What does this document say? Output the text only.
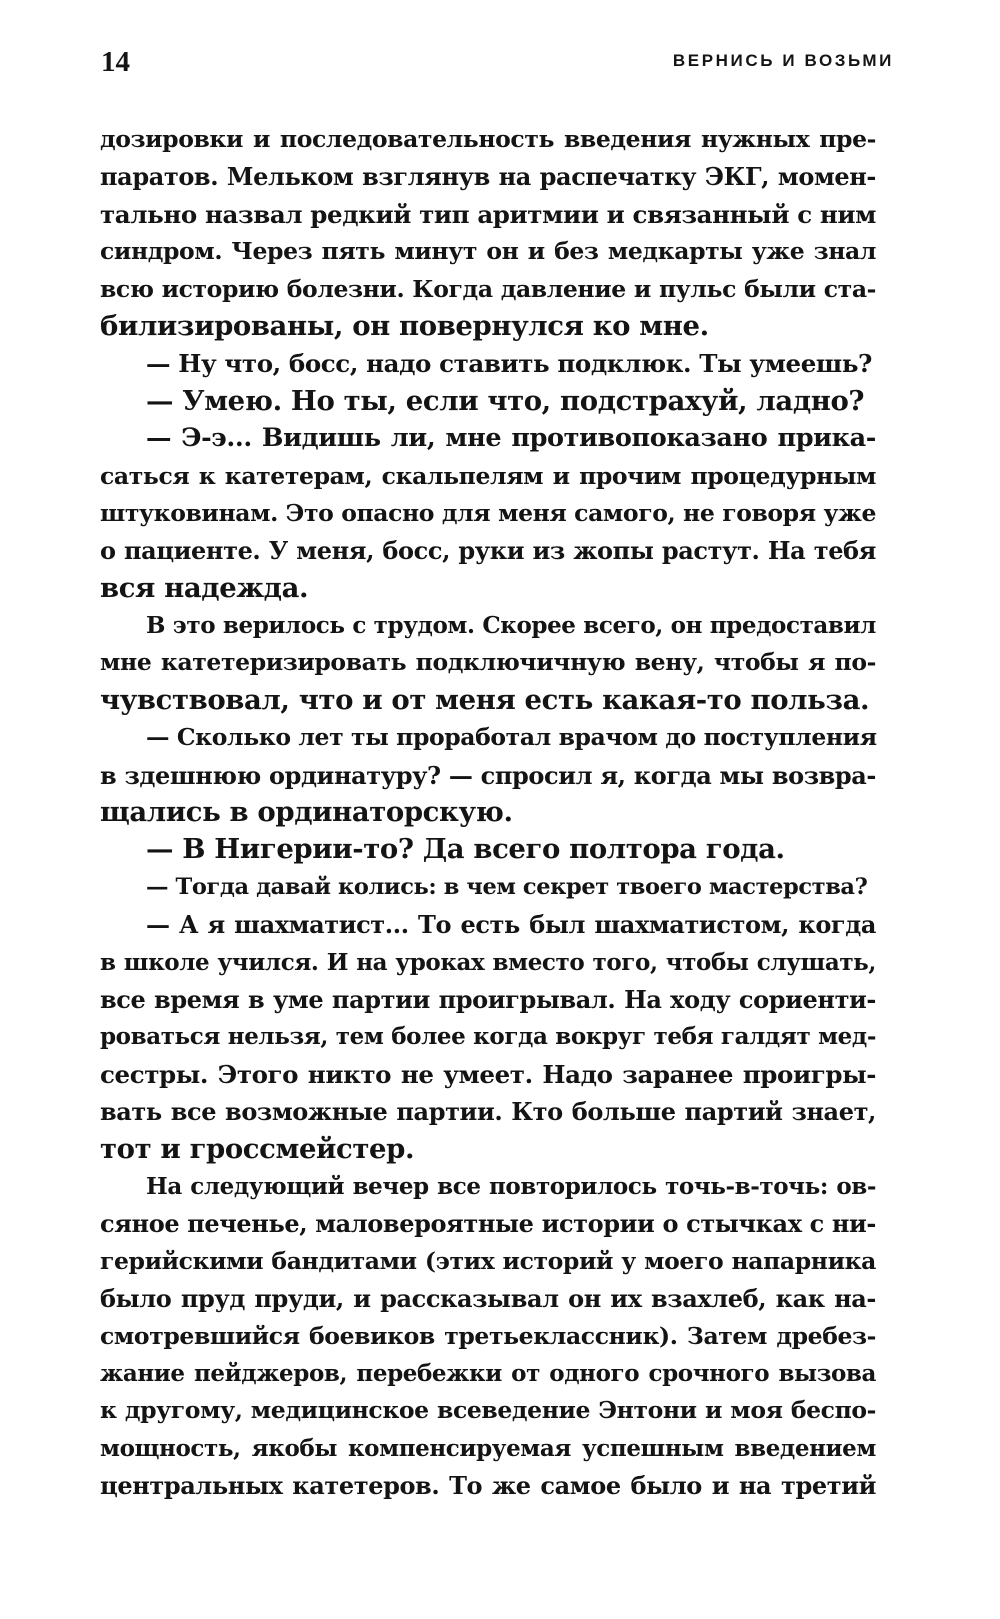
14	ВЕРНИСЬ И ВОЗЬМИ
дозировки и последовательность введения нужных пре-
паратов. Мельком взглянув на распечатку ЭКГ, момен-
тально назвал редкий тип аритмии и связанный с ним
синдром. Через пять минут он и без медкарты уже знал
всю историю болезни. Когда давление и пульс были ста-
билизированы, он повернулся ко мне.
— Ну что, босс, надо ставить подклюк. Ты умеешь?
— Умею. Но ты, если что, подстрахуй, ладно?
— Э-э... Видишь ли, мне противопоказано прика-
саться к катетерам, скальпелям и прочим процедурным
штуковинам. Это опасно для меня самого, не говоря уже
о пациенте. У меня, босс, руки из жопы растут. На тебя
вся надежда.
В это верилось с трудом. Скорее всего, он предоставил
мне катетеризировать подключичную вену, чтобы я по-
чувствовал, что и от меня есть какая-то польза.
— Сколько лет ты проработал врачом до поступления
в здешнюю ординатуру? — спросил я, когда мы возвра-
щались в ординаторскую.
— В Нигерии-то? Да всего полтора года.
— Тогда давай колись: в чем секрет твоего мастерства?
— А я шахматист... То есть был шахматистом, когда
в школе учился. И на уроках вместо того, чтобы слушать,
все время в уме партии проигрывал. На ходу сориенти-
роваться нельзя, тем более когда вокруг тебя галдят мед-
сестры. Этого никто не умеет. Надо заранее проигры-
вать все возможные партии. Кто больше партий знает,
тот и гроссмейстер.
На следующий вечер все повторилось точь-в-точь: ов-
сяное печенье, маловероятные истории о стычках с ни-
герийскими бандитами (этих историй у моего напарника
было пруд пруди, и рассказывал он их взахлеб, как на-
смотревшийся боевиков третьеклассник). Затем дребез-
жание пейджеров, перебежки от одного срочного вызова
к другому, медицинское всеведение Энтони и моя беспо-
мощность, якобы компенсируемая успешным введением
центральных катетеров. То же самое было и на третий
